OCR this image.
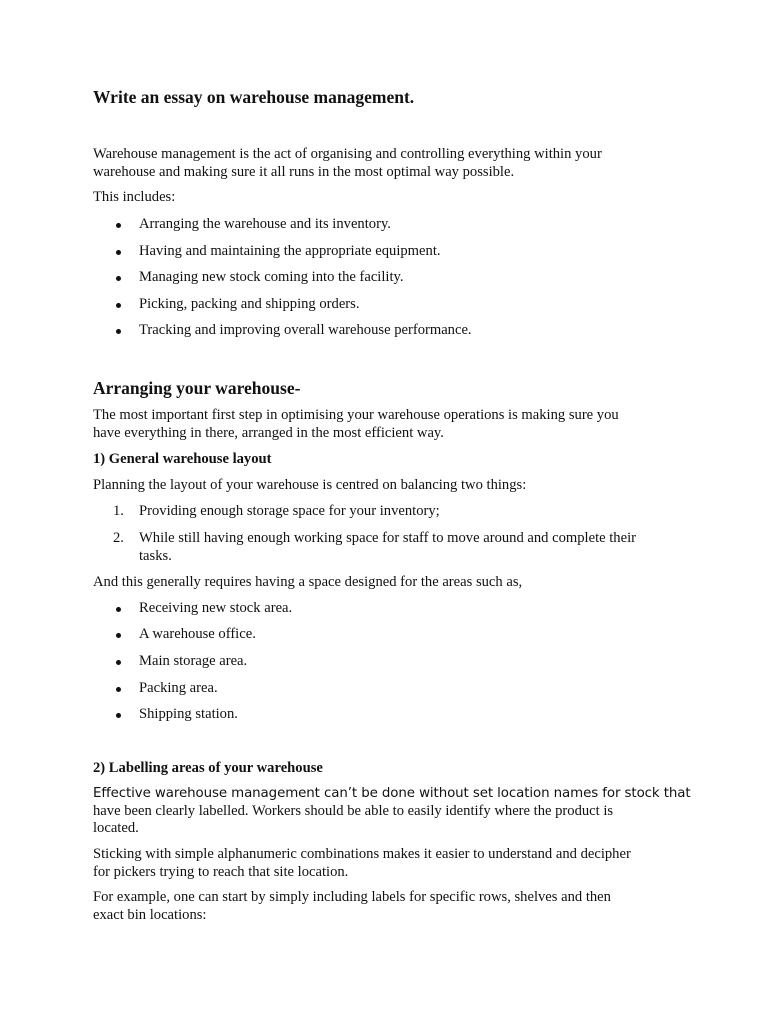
Write an essay on warehouse management.

Warehouse management is the act of organising and controlling everything within your
warehouse and making sure it all runs in the most optimal way possible.

This includes:

Arranging the warehouse and its inventory.
Having and maintaining the appropriate equipment.
Managing new stock coming into the facility.
Picking, packing and shipping orders.
Tracking and improving overall warehouse performance.
Arranging your warehouse-

The most important first step in optimising your warehouse operations is making sure you
have everything in there, arranged in the most efficient way.

1) General warehouse layout

Planning the layout of your warehouse is centred on balancing two things:

1.	Providing enough storage space for your inventory;
2.	While still having enough working space for staff to move around and complete their
tasks.

And this generally requires having a space designed for the areas such as,

Receiving new stock area.
A warehouse office.
Main storage area.
Packing area.
Shipping station.
2) Labelling areas of your warehouse

Effective warehouse management can’t be done without set location names for stock that
have been clearly labelled. Workers should be able to easily identify where the product is
located.

Sticking with simple alphanumeric combinations makes it easier to understand and decipher
for pickers trying to reach that site location.

For example, one can start by simply including labels for specific rows, shelves and then
exact bin locations:
